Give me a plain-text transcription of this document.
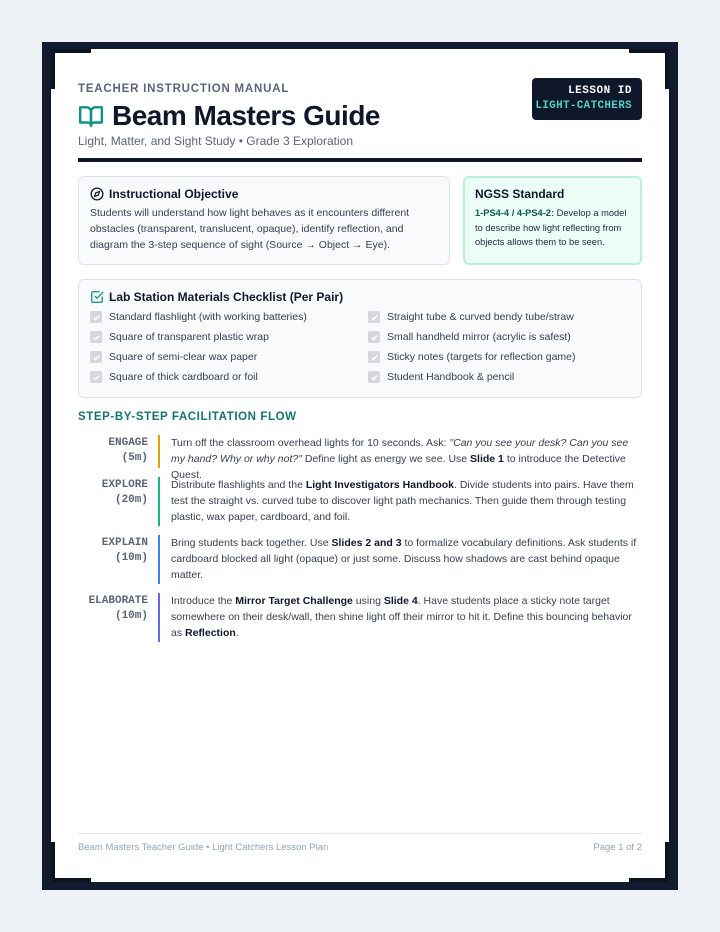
TEACHER INSTRUCTION MANUAL
Beam Masters Guide
Light, Matter, and Sight Study • Grade 3 Exploration
LESSON ID
LIGHT-CATCHERS
Instructional Objective
Students will understand how light behaves as it encounters different obstacles (transparent, translucent, opaque), identify reflection, and diagram the 3-step sequence of sight (Source → Object → Eye).
NGSS Standard
1-PS4-4 / 4-PS4-2: Develop a model to describe how light reflecting from objects allows them to be seen.
Lab Station Materials Checklist (Per Pair)
Standard flashlight (with working batteries)
Square of transparent plastic wrap
Square of semi-clear wax paper
Square of thick cardboard or foil
Straight tube & curved bendy tube/straw
Small handheld mirror (acrylic is safest)
Sticky notes (targets for reflection game)
Student Handbook & pencil
STEP-BY-STEP FACILITATION FLOW
ENGAGE (5m)
Turn off the classroom overhead lights for 10 seconds. Ask: "Can you see your desk? Can you see my hand? Why or why not?" Define light as energy we see. Use Slide 1 to introduce the Detective Quest.
EXPLORE (20m)
Distribute flashlights and the Light Investigators Handbook. Divide students into pairs. Have them test the straight vs. curved tube to discover light path mechanics. Then guide them through testing plastic, wax paper, cardboard, and foil.
EXPLAIN (10m)
Bring students back together. Use Slides 2 and 3 to formalize vocabulary definitions. Ask students if cardboard blocked all light (opaque) or just some. Discuss how shadows are cast behind opaque matter.
ELABORATE (10m)
Introduce the Mirror Target Challenge using Slide 4. Have students place a sticky note target somewhere on their desk/wall, then shine light off their mirror to hit it. Define this bouncing behavior as Reflection.
Beam Masters Teacher Guide • Light Catchers Lesson Plan	Page 1 of 2
